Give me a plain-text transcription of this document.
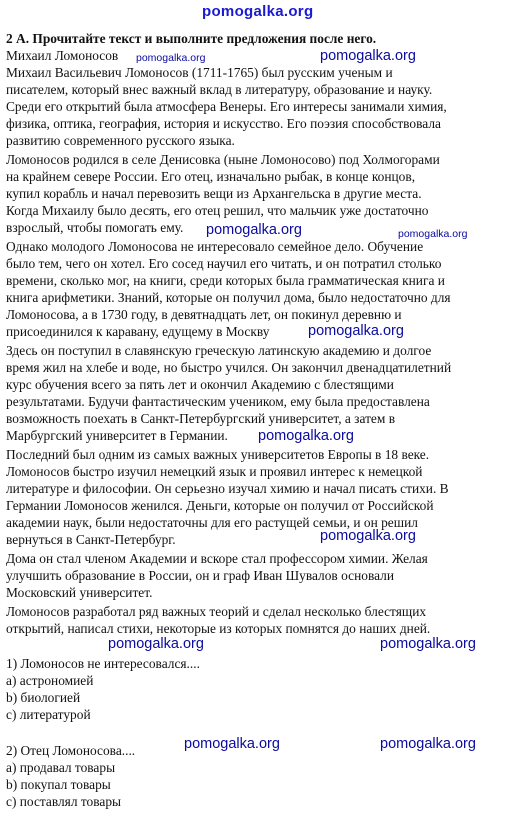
2 А. Прочитайте текст и выполните предложения после него.
Михаил Ломоносов
Михаил Васильевич Ломоносов (1711-1765) был русским ученым и
писателем, который внес важный вклад в литературу, образование и науку.
Среди его открытий была атмосфера Венеры. Его интересы занимали химия,
физика, оптика, география, история и искусство. Его поэзия способствовала
развитию современного русского языка.
Ломоносов родился в селе Денисовка (ныне Ломоносово) под Холмогорами
на крайнем севере России. Его отец, изначально рыбак, в конце концов,
купил корабль и начал перевозить вещи из Архангельска в другие места.
Когда Михаилу было десять, его отец решил, что мальчик уже достаточно
взрослый, чтобы помогать ему.
Однако молодого Ломоносова не интересовало семейное дело. Обучение
было тем, чего он хотел. Его сосед научил его читать, и он потратил столько
времени, сколько мог, на книги, среди которых была грамматическая книга и
книга арифметики. Знаний, которые он получил дома, было недостаточно для
Ломоносова, а в 1730 году, в девятнадцать лет, он покинул деревню и
присоединился к каравану, едущему в Москву
Здесь он поступил в славянскую греческую латинскую академию и долгое
время жил на хлебе и воде, но быстро учился. Он закончил двенадцатилетний
курс обучения всего за пять лет и окончил Академию с блестящими
результатами. Будучи фантастическим учеником, ему была предоставлена
возможность поехать в Санкт-Петербургский университет, а затем в
Марбургский университет в Германии.
Последний был одним из самых важных университетов Европы в 18 веке.
Ломоносов быстро изучил немецкий язык и проявил интерес к немецкой
литературе и философии. Он серьезно изучал химию и начал писать стихи. В
Германии Ломоносов женился. Деньги, которые он получил от Российской
академии наук, были недостаточны для его растущей семьи, и он решил
вернуться в Санкт-Петербург.
Дома он стал членом Академии и вскоре стал профессором химии. Желая
улучшить образование в России, он и граф Иван Шувалов основали
Московский университет.
Ломоносов разработал ряд важных теорий и сделал несколько блестящих
открытий, написал стихи, некоторые из которых помнятся до наших дней.
1) Ломоносов не интересовался....
a) астрономией
b) биологией
c) литературой
2) Отец Ломоносова....
a) продавал товары
b) покупал товары
c) поставлял товары
pomogalka.org
pomogalka.org	pomogalka.org
pomogalka.org	pomogalka.org
pomogalka.org
pomogalka.org
pomogalka.org
pomogalka.org	pomogalka.org
pomogalka.org	pomogalka.org
